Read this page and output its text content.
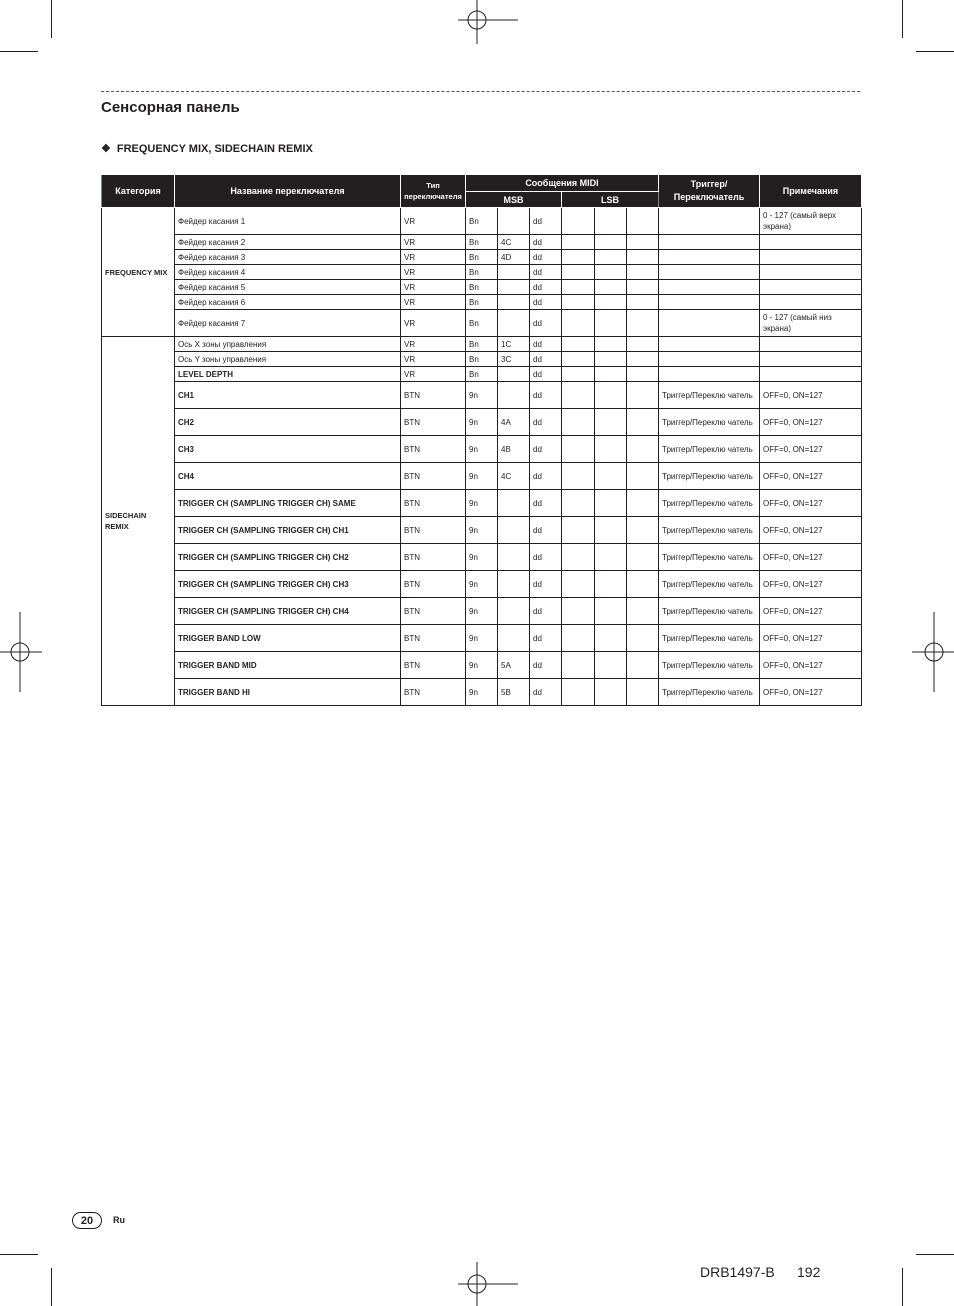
Сенсорная панель
❖ FREQUENCY MIX, SIDECHAIN REMIX
Категория	Название переключателя	Тип переключателя	Сообщения MIDI						Триггер/ Переключатель	Примечания
			MSB			LSB				
FREQUENCY MIX	Фейдер касания 1	VR	Bn		dd					0 - 127 (самый верх экрана)
	Фейдер касания 2	VR	Bn	4C	dd					
	Фейдер касания 3	VR	Bn	4D	dd					
	Фейдер касания 4	VR	Bn		dd					
	Фейдер касания 5	VR	Bn		dd					
	Фейдер касания 6	VR	Bn		dd					
	Фейдер касания 7	VR	Bn		dd					0 - 127 (самый низ экрана)
SIDECHAIN REMIX	Ось X зоны управления	VR	Bn	1C	dd					
	Ось Y зоны управления	VR	Bn	3C	dd					
	LEVEL DEPTH	VR	Bn		dd					
	CH1	BTN	9n		dd				Триггер/Переклю чатель	OFF=0, ON=127
	CH2	BTN	9n	4A	dd				Триггер/Переклю чатель	OFF=0, ON=127
	CH3	BTN	9n	4B	dd				Триггер/Переклю чатель	OFF=0, ON=127
	CH4	BTN	9n	4C	dd				Триггер/Переклю чатель	OFF=0, ON=127
	TRIGGER CH (SAMPLING TRIGGER CH) SAME	BTN	9n		dd				Триггер/Переклю чатель	OFF=0, ON=127
	TRIGGER CH (SAMPLING TRIGGER CH) CH1	BTN	9n		dd				Триггер/Переклю чатель	OFF=0, ON=127
	TRIGGER CH (SAMPLING TRIGGER CH) CH2	BTN	9n		dd				Триггер/Переклю чатель	OFF=0, ON=127
	TRIGGER CH (SAMPLING TRIGGER CH) CH3	BTN	9n		dd				Триггер/Переклю чатель	OFF=0, ON=127
	TRIGGER CH (SAMPLING TRIGGER CH) CH4	BTN	9n		dd				Триггер/Переклю чатель	OFF=0, ON=127
	TRIGGER BAND LOW	BTN	9n		dd				Триггер/Переклю чатель	OFF=0, ON=127
	TRIGGER BAND MID	BTN	9n	5A	dd				Триггер/Переклю чатель	OFF=0, ON=127
	TRIGGER BAND HI	BTN	9n	5B	dd				Триггер/Переклю чатель	OFF=0, ON=127
20	Ru
DRB1497-B 192
